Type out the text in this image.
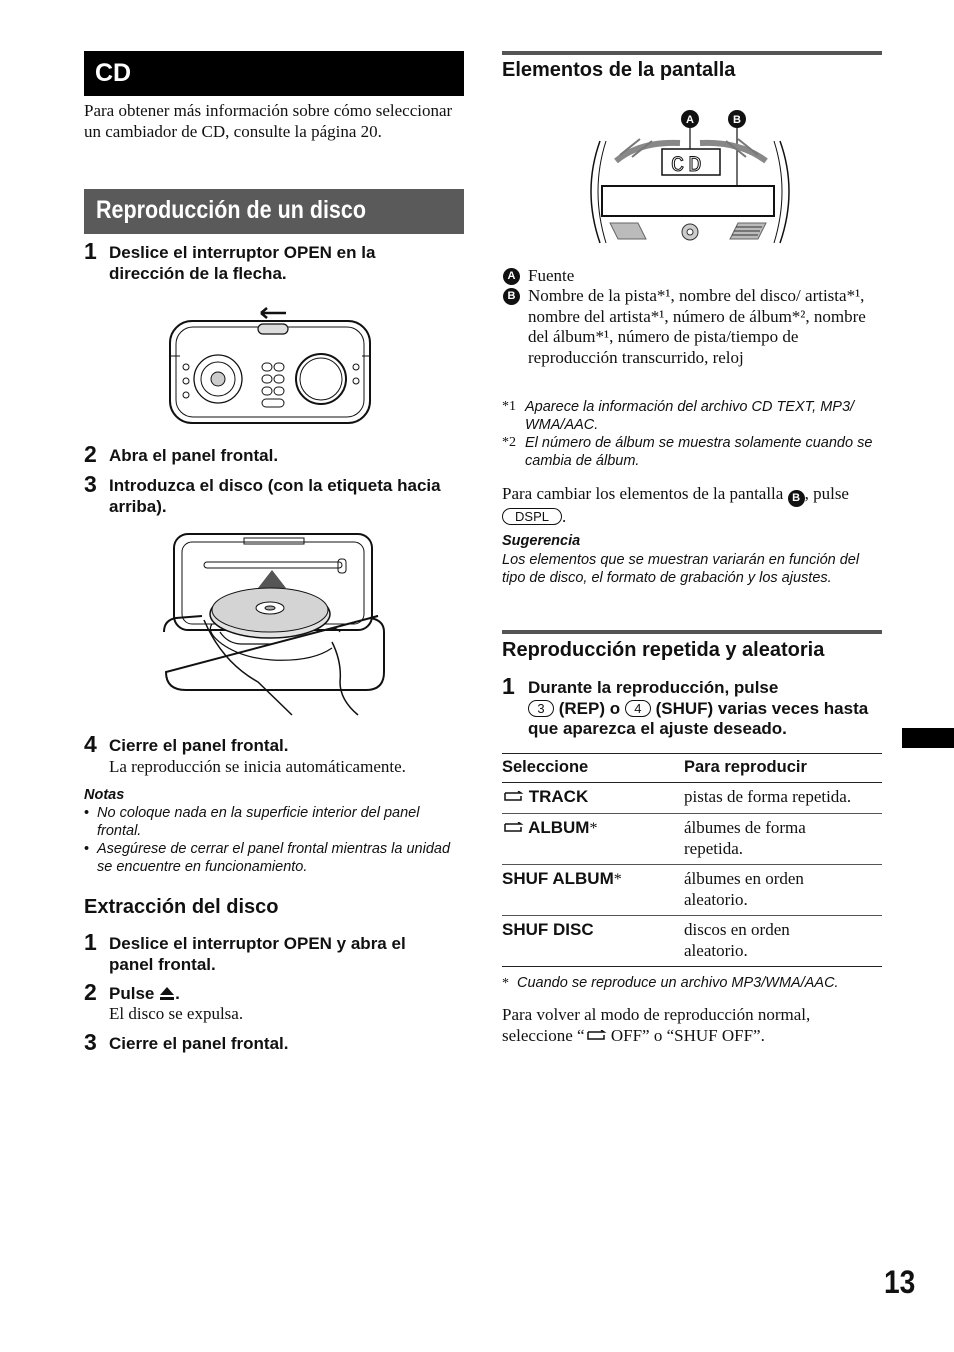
CD
Para obtener más información sobre cómo seleccionar un cambiador de CD, consulte la página 20.
Reproducción de un disco
1 Deslice el interruptor OPEN en la dirección de la flecha.
2 Abra el panel frontal.
3 Introduzca el disco (con la etiqueta hacia arriba).
4 Cierre el panel frontal.
La reproducción se inicia automáticamente.
Notas
• No coloque nada en la superficie interior del panel frontal.
• Asegúrese de cerrar el panel frontal mientras la unidad se encuentre en funcionamiento.
Extracción del disco
1 Deslice el interruptor OPEN y abra el panel frontal.
2 Pulse .
El disco se expulsa.
3 Cierre el panel frontal.
Elementos de la pantalla
A	B
CD
A Fuente
B Nombre de la pista*¹, nombre del disco/ artista*¹, nombre del artista*¹, número de álbum*², nombre del álbum*¹, número de pista/tiempo de reproducción transcurrido, reloj
*1 Aparece la información del archivo CD TEXT, MP3/ WMA/AAC.
*2 El número de álbum se muestra solamente cuando se cambia de álbum.
Para cambiar los elementos de la pantalla B , pulse DSPL .
Sugerencia
Los elementos que se muestran variarán en función del tipo de disco, el formato de grabación y los ajustes.
Reproducción repetida y aleatoria
1 Durante la reproducción, pulse
3 (REP) o 4 (SHUF) varias veces hasta que aparezca el ajuste deseado.
Seleccione	Para reproducir
TRACK	pistas de forma repetida.
ALBUM*	álbumes de forma repetida.
SHUF ALBUM*	álbumes en orden aleatorio.
SHUF DISC	discos en orden aleatorio.
* Cuando se reproduce un archivo MP3/WMA/AAC.
Para volver al modo de reproducción normal, seleccione “ OFF” o “SHUF OFF”.
13
